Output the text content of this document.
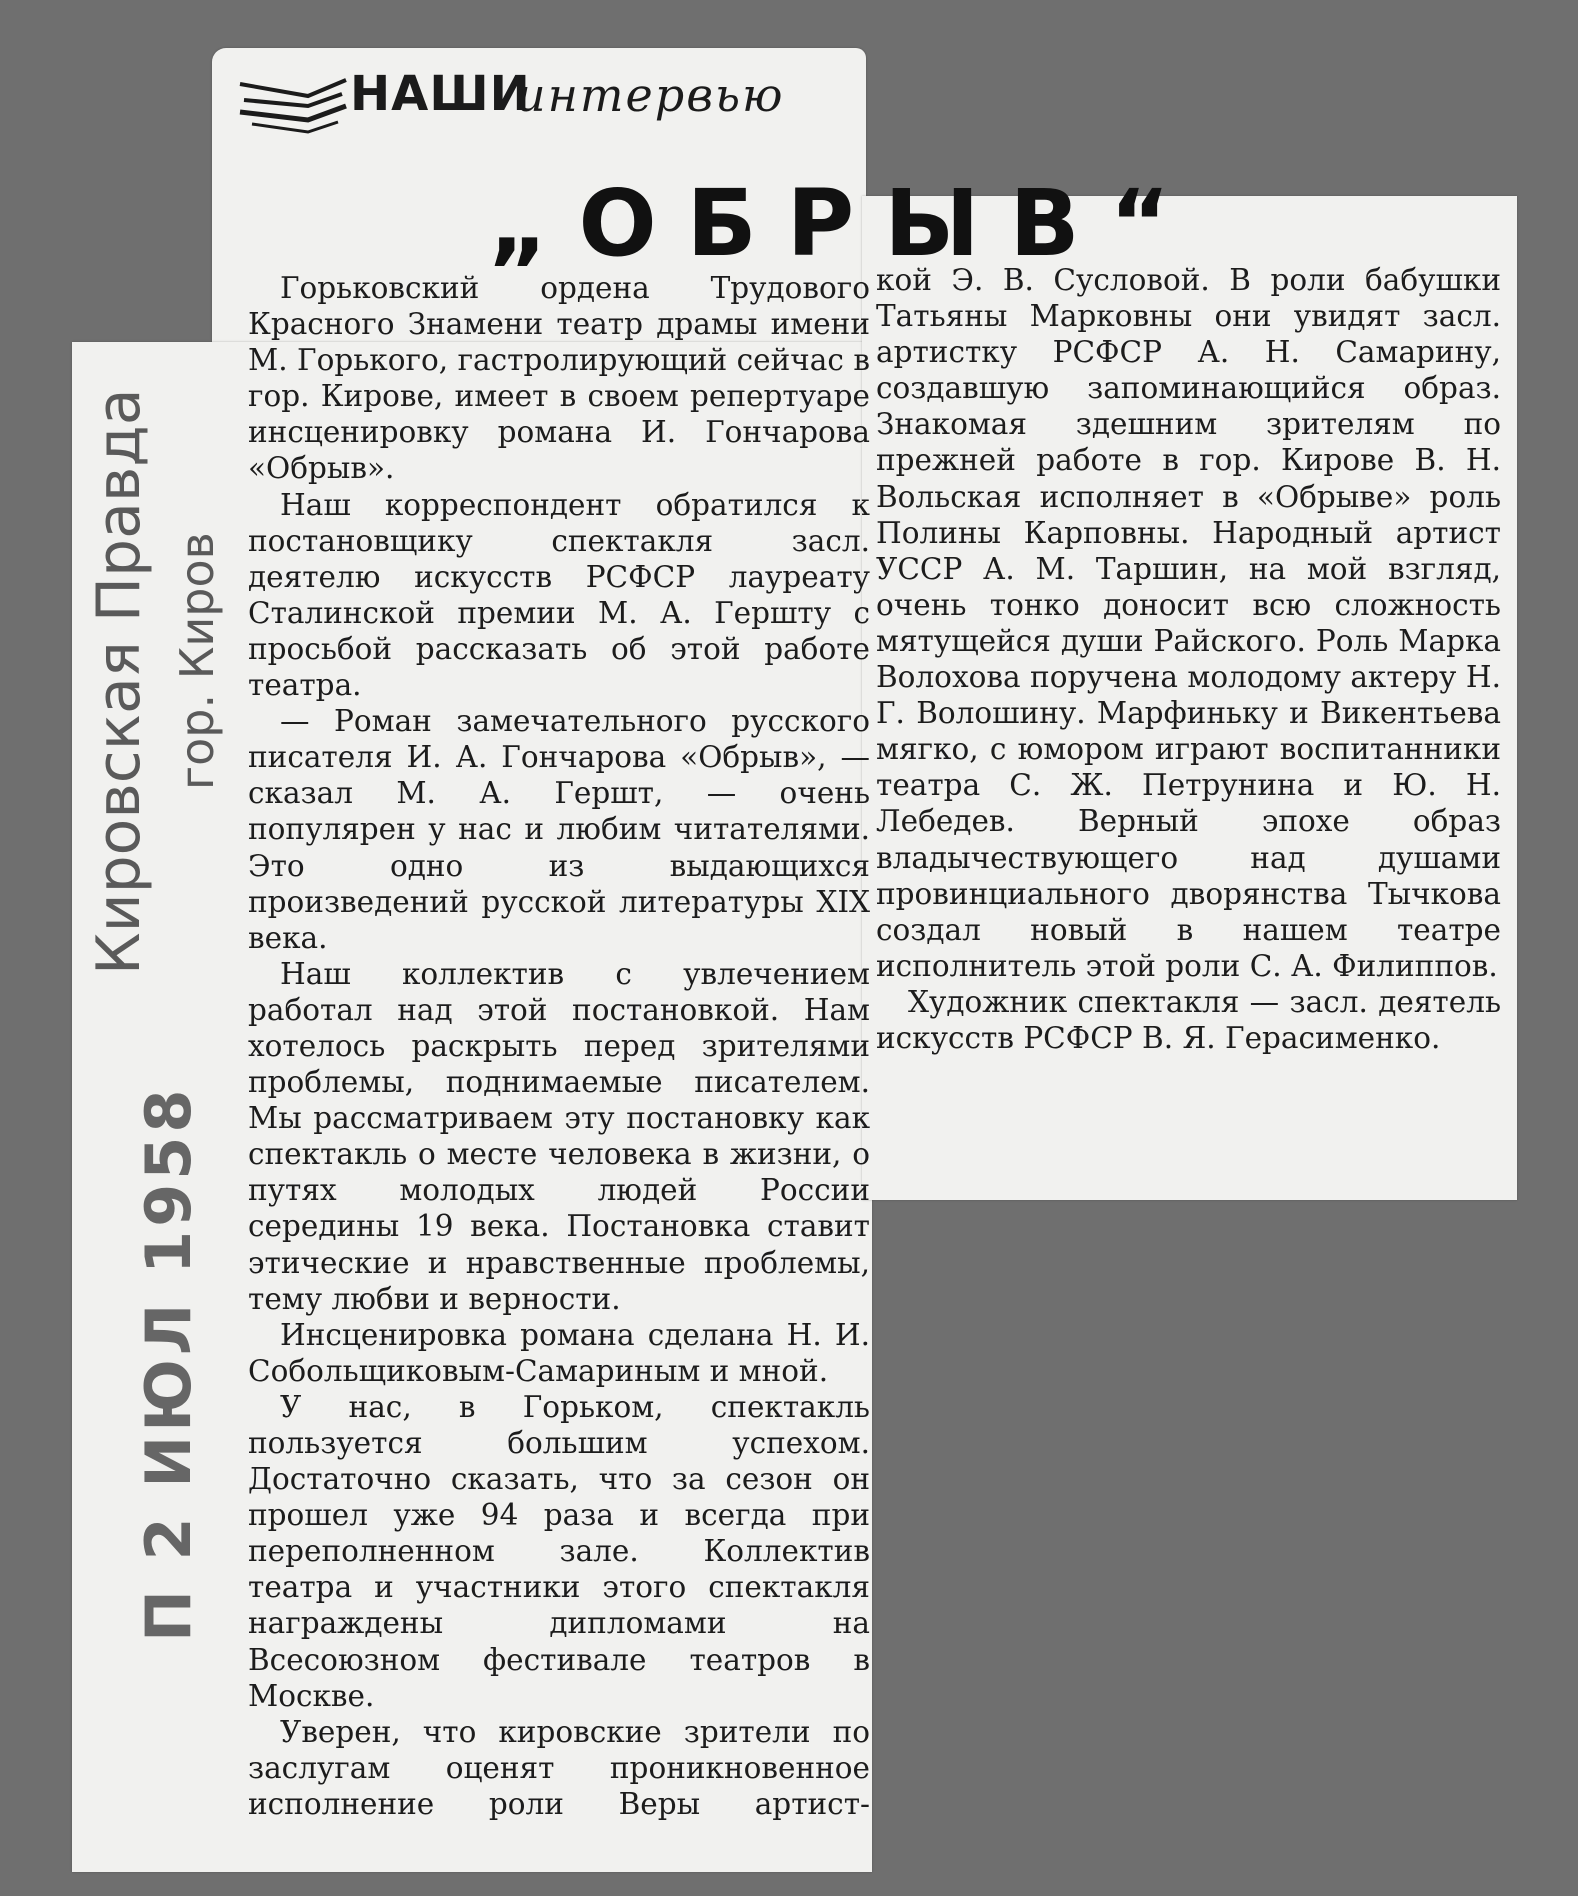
НАШИ
интервью
„ОБРЫВ“
Кировская Правда гор. Киров
П 2 ИЮЛ 1958

Горьковский ордена Трудового Красного Знамени театр драмы имени М. Горького, гастролирующий сейчас в гор. Кирове, имеет в своем репертуаре инсценировку романа И. Гончарова «Обрыв».

Наш корреспондент обратился к постановщику спектакля засл. деятелю искусств РСФСР лауреату Сталинской премии М. А. Гершту с просьбой рассказать об этой работе театра.

— Роман замечательного русского писателя И. А. Гончарова «Обрыв», — сказал М. А. Гершт, — очень популярен у нас и любим читателями. Это одно из выдающихся произведений русской литературы XIX века.

Наш коллектив с увлечением работал над этой постановкой. Нам хотелось раскрыть перед зрителями проблемы, поднимаемые писателем. Мы рассматриваем эту постановку как спектакль о месте человека в жизни, о путях молодых людей России середины 19 века. Постановка ставит этические и нравственные проблемы, тему любви и верности.

Инсценировка романа сделана Н. И. Собольщиковым-Самариным и мной.

У нас, в Горьком, спектакль пользуется большим успехом. Достаточно сказать, что за сезон он прошел уже 94 раза и всегда при переполненном зале. Коллектив театра и участники этого спектакля награждены дипломами на Всесоюзном фестивале театров в Москве.

Уверен, что кировские зрители по заслугам оценят проникновенное исполнение роли Веры артист-

кой Э. В. Сусловой. В роли бабушки Татьяны Марковны они увидят засл. артистку РСФСР А. Н. Самарину, создавшую запоминающийся образ. Знакомая здешним зрителям по прежней работе в гор. Кирове В. Н. Вольская исполняет в «Обрыве» роль Полины Карповны. Народный артист УССР А. М. Таршин, на мой взгляд, очень тонко доносит всю сложность мятущейся души Райского. Роль Марка Волохова поручена молодому актеру Н. Г. Волошину. Марфиньку и Викентьева мягко, с юмором играют воспитанники театра С. Ж. Петрунина и Ю. Н. Лебедев. Верный эпохе образ владычествующего над душами провинциального дворянства Тычкова создал новый в нашем театре исполнитель этой роли С. А. Филиппов.

Художник спектакля — засл. деятель искусств РСФСР В. Я. Герасименко.
